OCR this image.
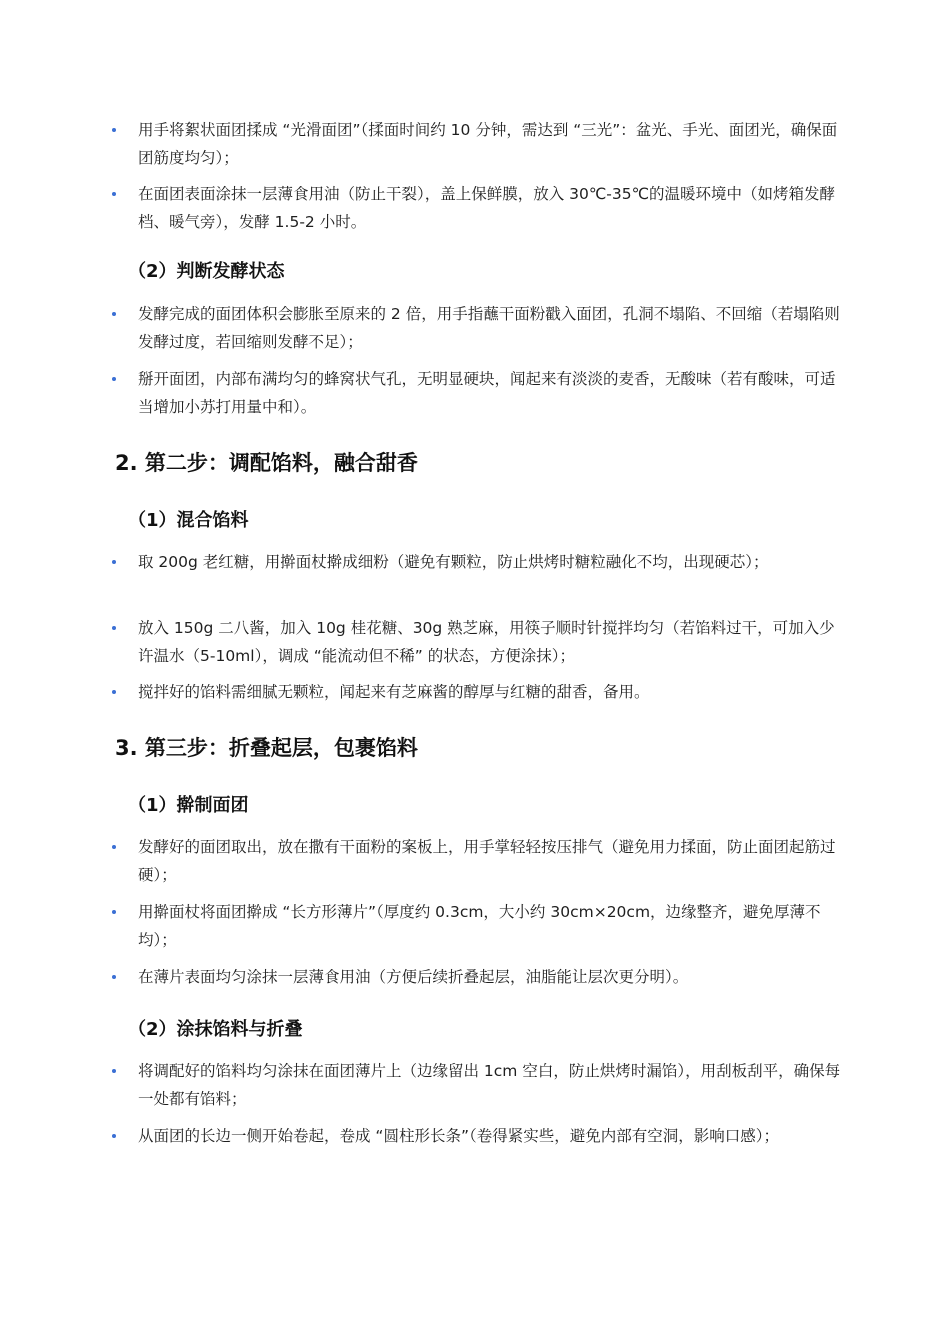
用手将絮状面团揉成 “光滑面团”（揉面时间约 10 分钟，需达到 “三光”：盆光、手光、面团光，确保面团筋度均匀）；
在面团表面涂抹一层薄食用油（防止干裂），盖上保鲜膜，放入 30℃-35℃的温暖环境中（如烤箱发酵档、暖气旁），发酵 1.5-2 小时。
（2）判断发酵状态
发酵完成的面团体积会膨胀至原来的 2 倍，用手指蘸干面粉戳入面团，孔洞不塌陷、不回缩（若塌陷则发酵过度，若回缩则发酵不足）；
掰开面团，内部布满均匀的蜂窝状气孔，无明显硬块，闻起来有淡淡的麦香，无酸味（若有酸味，可适当增加小苏打用量中和）。
2. 第二步：调配馅料，融合甜香
（1）混合馅料
取 200g 老红糖，用擀面杖擀成细粉（避免有颗粒，防止烘烤时糖粒融化不均，出现硬芯）；
放入 150g 二八酱，加入 10g 桂花糖、30g 熟芝麻，用筷子顺时针搅拌均匀（若馅料过干，可加入少许温水（5-10ml），调成 “能流动但不稀” 的状态，方便涂抹）；
搅拌好的馅料需细腻无颗粒，闻起来有芝麻酱的醇厚与红糖的甜香，备用。
3. 第三步：折叠起层，包裹馅料
（1）擀制面团
发酵好的面团取出，放在撒有干面粉的案板上，用手掌轻轻按压排气（避免用力揉面，防止面团起筋过硬）；
用擀面杖将面团擀成 “长方形薄片”（厚度约 0.3cm，大小约 30cm×20cm，边缘整齐，避免厚薄不均）；
在薄片表面均匀涂抹一层薄食用油（方便后续折叠起层，油脂能让层次更分明）。
（2）涂抹馅料与折叠
将调配好的馅料均匀涂抹在面团薄片上（边缘留出 1cm 空白，防止烘烤时漏馅），用刮板刮平，确保每一处都有馅料；
从面团的长边一侧开始卷起，卷成 “圆柱形长条”（卷得紧实些，避免内部有空洞，影响口感）；
